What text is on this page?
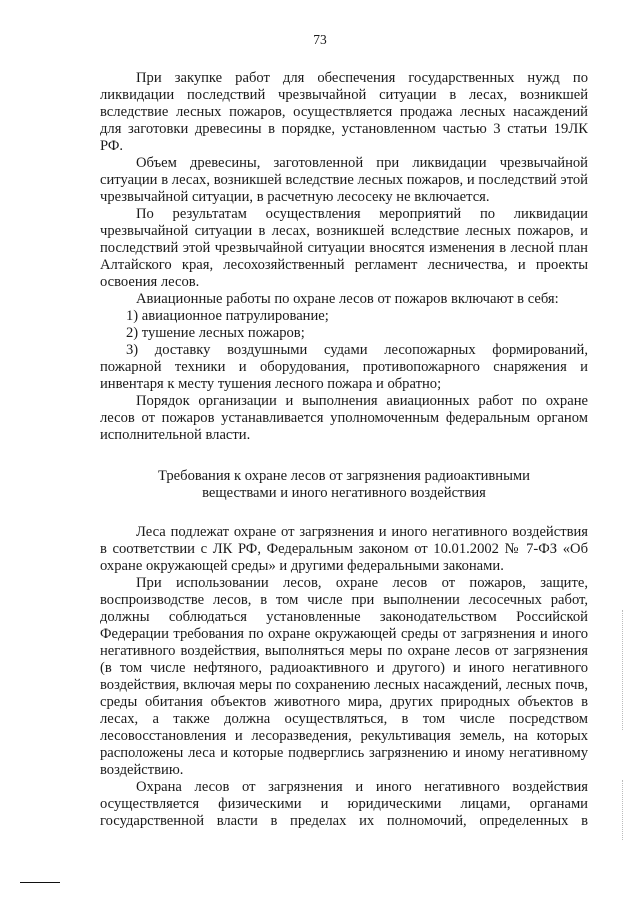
73

При закупке работ для обеспечения государственных нужд по ликвидации последствий чрезвычайной ситуации в лесах, возникшей вследствие лесных пожаров, осуществляется продажа лесных насаждений для заготовки древесины в порядке, установленном частью 3 статьи 19ЛК РФ.

Объем древесины, заготовленной при ликвидации чрезвычайной ситуации в лесах, возникшей вследствие лесных пожаров, и последствий этой чрезвычайной ситуации, в расчетную лесосеку не включается.

По результатам осуществления мероприятий по ликвидации чрезвычайной ситуации в лесах, возникшей вследствие лесных пожаров, и последствий этой чрезвычайной ситуации вносятся изменения в лесной план Алтайского края, лесохозяйственный регламент лесничества, и проекты освоения лесов.

Авиационные работы по охране лесов от пожаров включают в себя:

1) авиационное патрулирование;

2) тушение лесных пожаров;

3) доставку воздушными судами лесопожарных формирований, пожарной техники и оборудования, противопожарного снаряжения и инвентаря к месту тушения лесного пожара и обратно;

Порядок организации и выполнения авиационных работ по охране лесов от пожаров устанавливается уполномоченным федеральным органом исполнительной власти.

Требования к охране лесов от загрязнения радиоактивными
веществами и иного негативного воздействия

Леса подлежат охране от загрязнения и иного негативного воздействия в соответствии с ЛК РФ, Федеральным законом от 10.01.2002 № 7-ФЗ «Об охране окружающей среды» и другими федеральными законами.

При использовании лесов, охране лесов от пожаров, защите, воспроизводстве лесов, в том числе при выполнении лесосечных работ, должны соблюдаться установленные законодательством Российской Федерации требования по охране окружающей среды от загрязнения и иного негативного воздействия, выполняться меры по охране лесов от загрязнения (в том числе нефтяного, радиоактивного и другого) и иного негативного воздействия, включая меры по сохранению лесных насаждений, лесных почв, среды обитания объектов животного мира, других природных объектов в лесах, а также должна осуществляться, в том числе посредством лесовосстановления и лесоразведения, рекультивация земель, на которых расположены леса и которые подверглись загрязнению и иному негативному воздействию.

Охрана лесов от загрязнения и иного негативного воздействия осуществляется физическими и юридическими лицами, органами государственной власти в пределах их полномочий, определенных в
